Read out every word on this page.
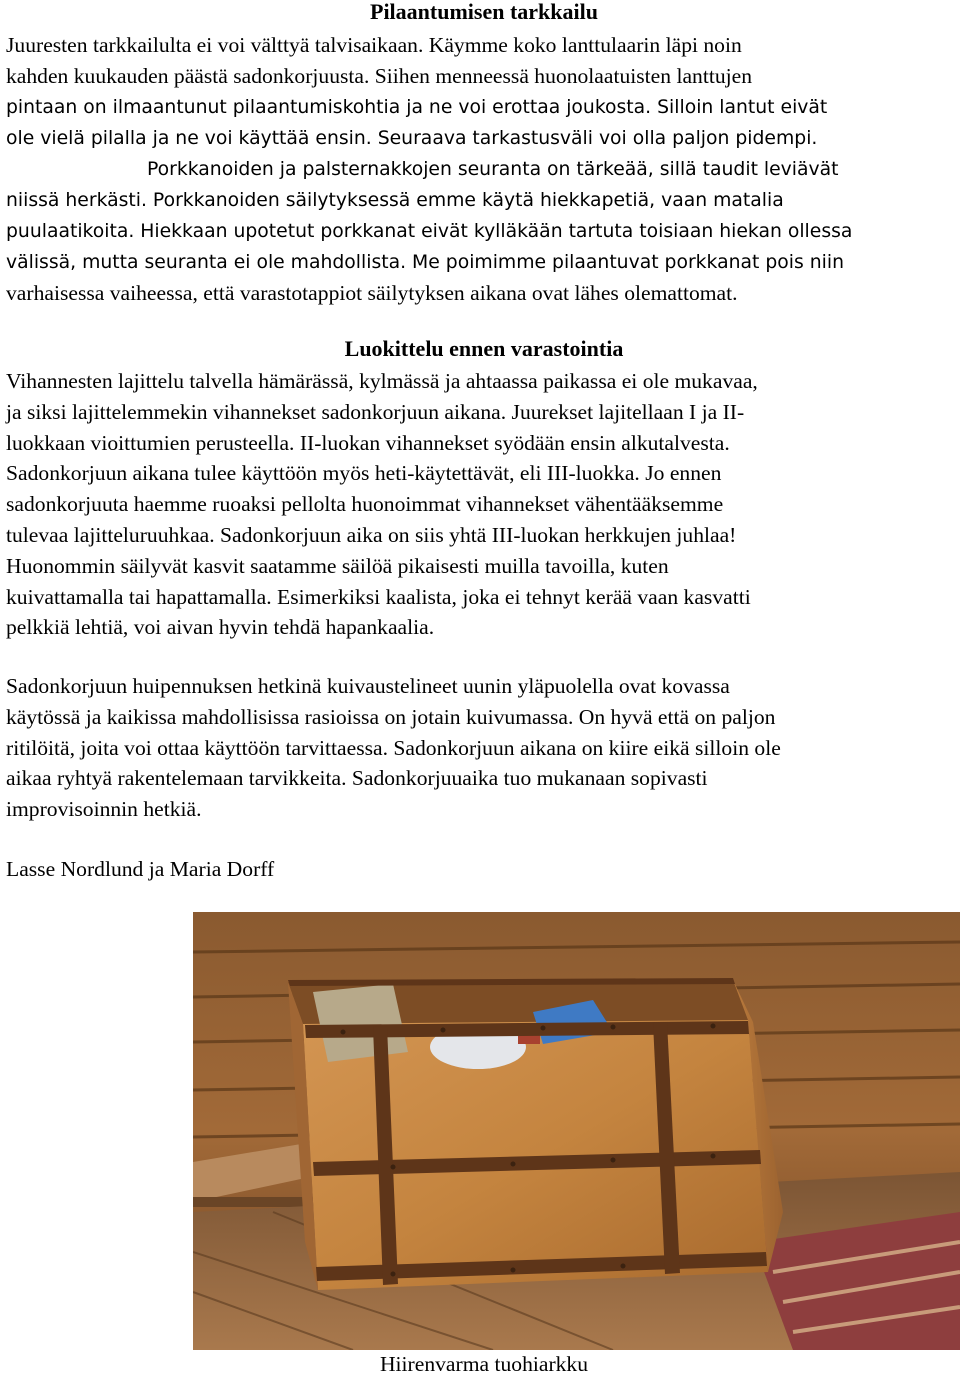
Pilaantumisen tarkkailu

Juuresten tarkkailulta ei voi välttyä talvisaikaan. Käymme koko lanttulaarin läpi noin
kahden kuukauden päästä sadonkorjuusta. Siihen menneessä huonolaatuisten lanttujen
pintaan on ilmaantunut pilaantumiskohtia ja ne voi erottaa joukosta. Silloin lantut eivät
ole vielä pilalla ja ne voi käyttää ensin. Seuraava tarkastusväli voi olla paljon pidempi.
Porkkanoiden ja palsternakkojen seuranta on tärkeää, sillä taudit leviävät
niissä herkästi. Porkkanoiden säilytyksessä emme käytä hiekkapetiä, vaan matalia
puulaatikoita. Hiekkaan upotetut porkkanat eivät kylläkään tartuta toisiaan hiekan ollessa
välissä, mutta seuranta ei ole mahdollista. Me poimimme pilaantuvat porkkanat pois niin
varhaisessa vaiheessa, että varastotappiot säilytyksen aikana ovat lähes olemattomat.

Luokittelu ennen varastointia

Vihannesten lajittelu talvella hämärässä, kylmässä ja ahtaassa paikassa ei ole mukavaa,
ja siksi lajittelemmekin vihannekset sadonkorjuun aikana. Juurekset lajitellaan I ja II-
luokkaan vioittumien perusteella. II-luokan vihannekset syödään ensin alkutalvesta.
Sadonkorjuun aikana tulee käyttöön myös heti-käytettävät, eli III-luokka. Jo ennen
sadonkorjuuta haemme ruoaksi pellolta huonoimmat vihannekset vähentääksemme
tulevaa lajitteluruuhkaa. Sadonkorjuun aika on siis yhtä III-luokan herkkujen juhlaa!
Huonommin säilyvät kasvit saatamme säilöä pikaisesti muilla tavoilla, kuten
kuivattamalla tai hapattamalla. Esimerkiksi kaalista, joka ei tehnyt kerää vaan kasvatti
pelkkiä lehtiä, voi aivan hyvin tehdä hapankaalia.

Sadonkorjuun huipennuksen hetkinä kuivaustelineet uunin yläpuolella ovat kovassa
käytössä ja kaikissa mahdollisissa rasioissa on jotain kuivumassa. On hyvä että on paljon
ritilöitä, joita voi ottaa käyttöön tarvittaessa. Sadonkorjuun aikana on kiire eikä silloin ole
aikaa ryhtyä rakentelemaan tarvikkeita. Sadonkorjuuaika tuo mukanaan sopivasti
improvisoinnin hetkiä.

Lasse Nordlund ja Maria Dorff

Hiirenvarma tuohiarkku
